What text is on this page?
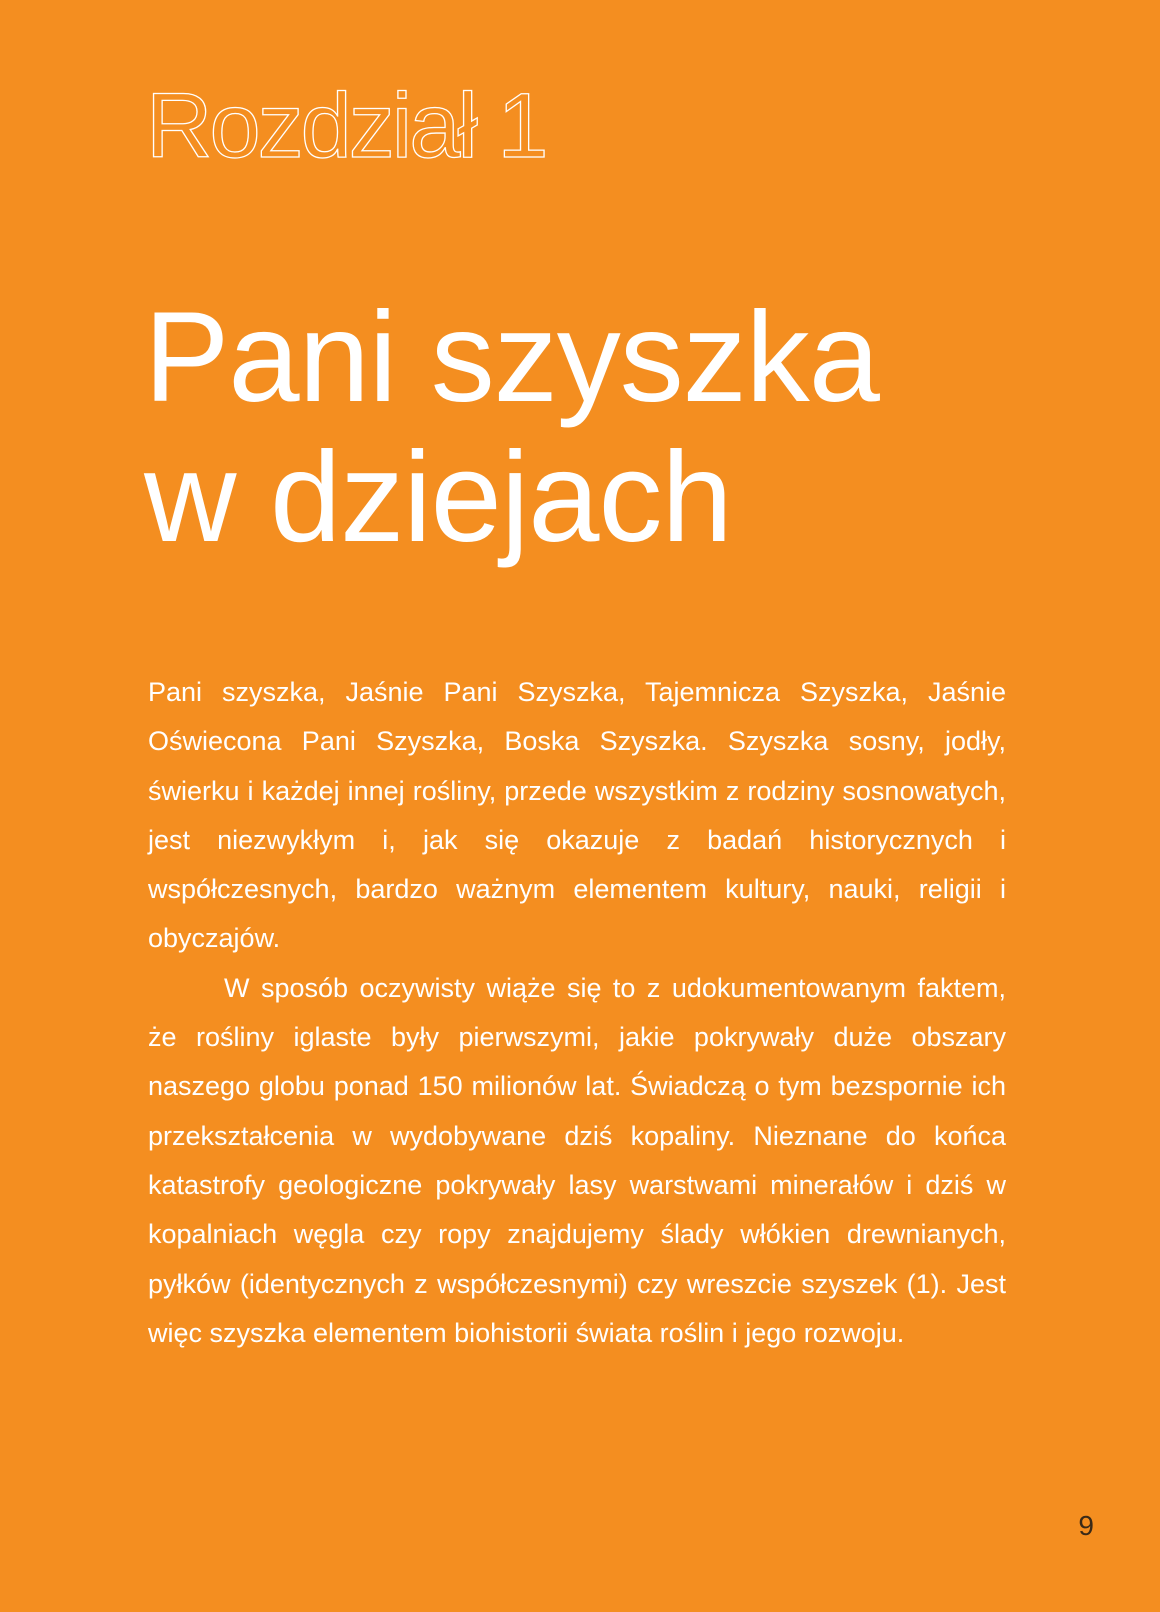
Rozdział 1
Pani szyszka
w dziejach

Pani szyszka, Jaśnie Pani Szyszka, Tajemnicza Szyszka, Jaśnie Oświecona Pani Szyszka, Boska Szyszka. Szyszka sosny, jodły, świerku i każdej innej rośliny, przede wszystkim z rodziny sosnowatych, jest niezwykłym i, jak się okazuje z badań historycznych i współczesnych, bardzo ważnym elementem kultury, nauki, religii i obyczajów.

W sposób oczywisty wiąże się to z udokumentowanym faktem, że rośliny iglaste były pierwszymi, jakie pokrywały duże obszary naszego globu ponad 150 milionów lat. Świadczą o tym bezspornie ich przekształcenia w wydobywane dziś kopaliny. Nieznane do końca katastrofy geologiczne pokrywały lasy warstwami minerałów i dziś w kopalniach węgla czy ropy znajdujemy ślady włókien drewnianych, pyłków (identycznych z współczesnymi) czy wreszcie szyszek (1). Jest więc szyszka elementem biohistorii świata roślin i jego rozwoju.

9
